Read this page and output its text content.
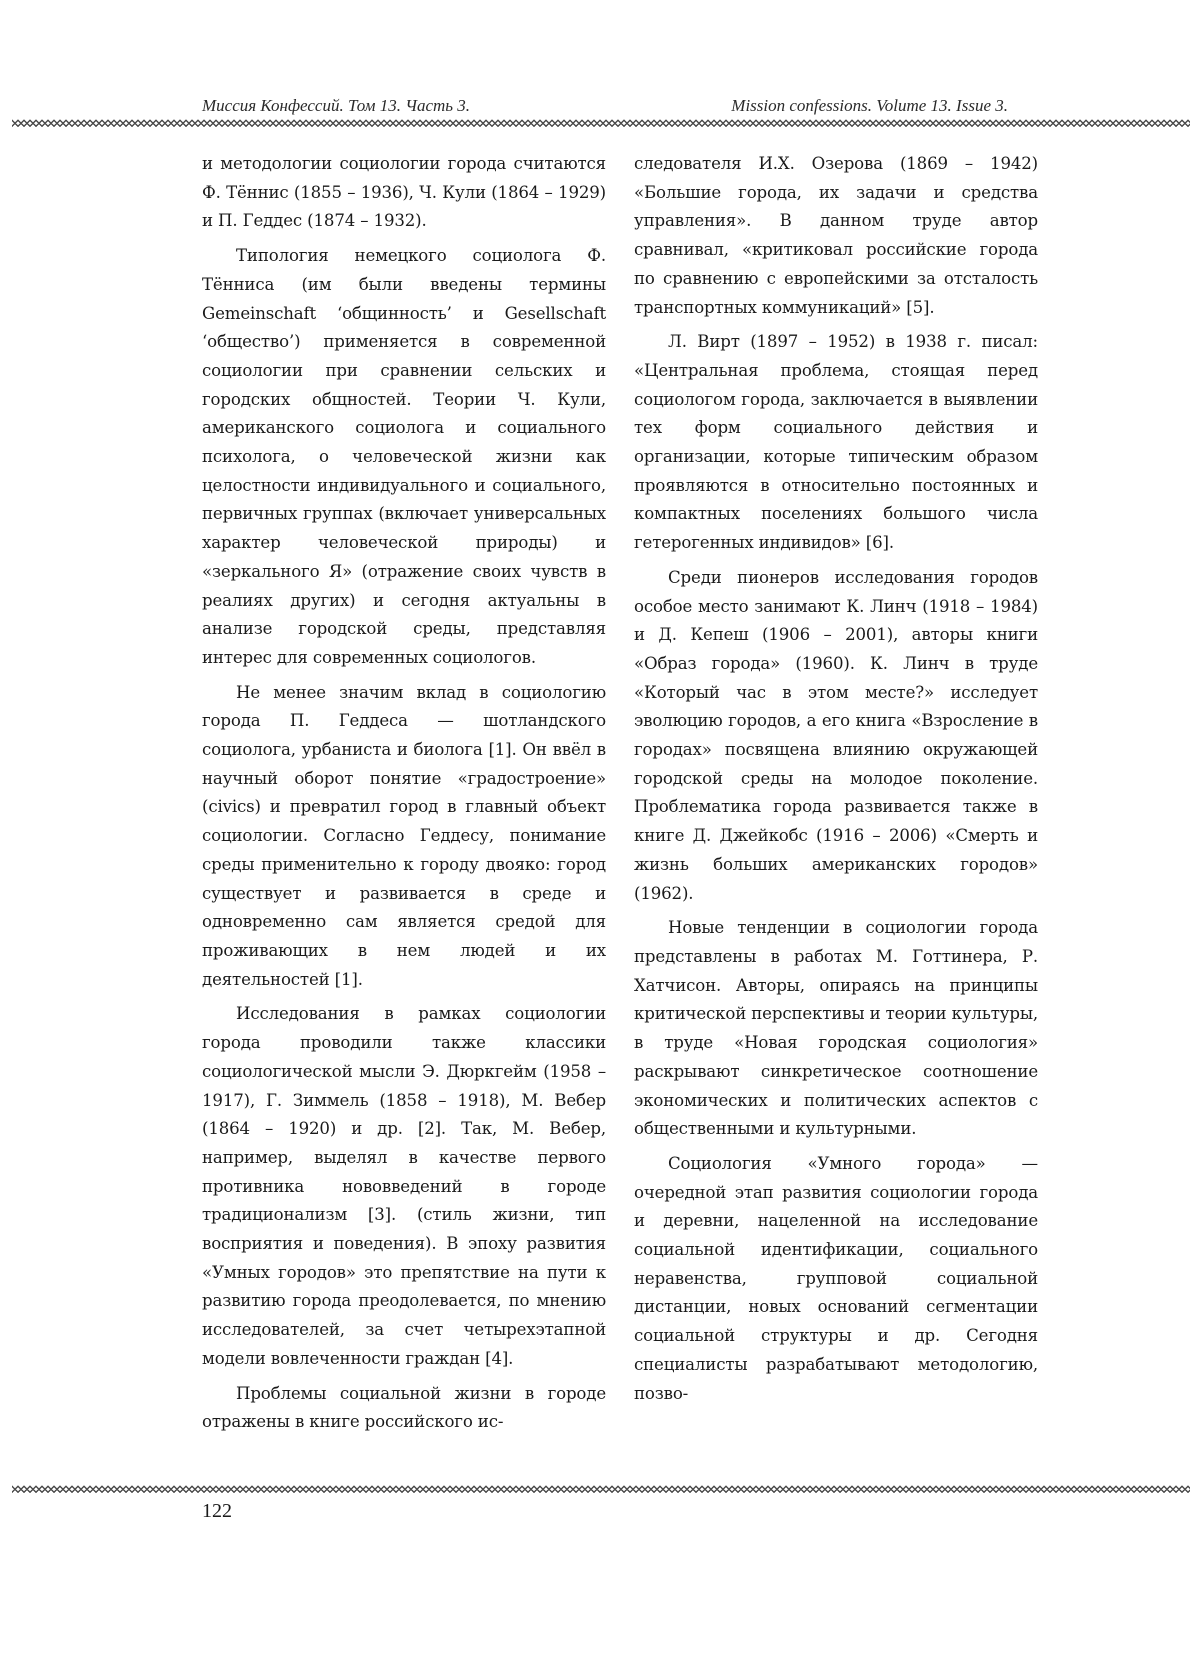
Миссия Конфессий. Том 13. Часть 3.	Mission confessions. Volume 13. Issue 3.

и методологии социологии города считаются Ф. Тённис (1855 – 1936), Ч. Кули (1864 – 1929) и П. Геддес (1874 – 1932).

Типология немецкого социолога Ф. Тённиса (им были введены термины Gemeinschaft ‘общинность’ и Gesellschaft ‘общество’) применяется в современной социологии при сравнении сельских и городских общностей. Теории Ч. Кули, американского социолога и социального психолога, о человеческой жизни как целостности индивидуального и социального, первичных группах (включает универсальных характер человеческой природы) и «зеркального Я» (отражение своих чувств в реалиях других) и сегодня актуальны в анализе городской среды, представляя интерес для современных социологов.

Не менее значим вклад в социологию города П. Геддеса — шотландского социолога, урбаниста и биолога [1]. Он ввёл в научный оборот понятие «градостроение» (civics) и превратил город в главный объект социологии. Согласно Геддесу, понимание среды применительно к городу двояко: город существует и развивается в среде и одновременно сам является средой для проживающих в нем людей и их деятельностей [1].

Исследования в рамках социологии города проводили также классики социологической мысли Э. Дюркгейм (1958 – 1917), Г. Зиммель (1858 – 1918), М. Вебер (1864 – 1920) и др. [2]. Так, М. Вебер, например, выделял в качестве первого противника нововведений в городе традиционализм [3]. (стиль жизни, тип восприятия и поведения). В эпоху развития «Умных городов» это препятствие на пути к развитию города преодолевается, по мнению исследователей, за счет четырехэтапной модели вовлеченности граждан [4].

Проблемы социальной жизни в городе отражены в книге российского ис-

следователя И.Х. Озерова (1869 – 1942) «Большие города, их задачи и средства управления». В данном труде автор сравнивал, «критиковал российские города по сравнению с европейскими за отсталость транспортных коммуникаций» [5].

Л. Вирт (1897 – 1952) в 1938 г. писал: «Центральная проблема, стоящая перед социологом города, заключается в выявлении тех форм социального действия и организации, которые типическим образом проявляются в относительно постоянных и компактных поселениях большого числа гетерогенных индивидов» [6].

Среди пионеров исследования городов особое место занимают К. Линч (1918 – 1984) и Д. Кепеш (1906 – 2001), авторы книги «Образ города» (1960). К. Линч в труде «Который час в этом месте?» исследует эволюцию городов, а его книга «Взросление в городах» посвящена влиянию окружающей городской среды на молодое поколение. Проблематика города развивается также в книге Д. Джейкобс (1916 – 2006) «Смерть и жизнь больших американских городов» (1962).

Новые тенденции в социологии города представлены в работах М. Готтинера, Р. Хатчисон. Авторы, опираясь на принципы критической перспективы и теории культуры, в труде «Новая городская социология» раскрывают синкретическое соотношение экономических и политических аспектов с общественными и культурными.

Социология «Умного города» — очередной этап развития социологии города и деревни, нацеленной на исследование социальной идентификации, социального неравенства, групповой социальной дистанции, новых оснований сегментации социальной структуры и др. Сегодня специалисты разрабатывают методологию, позво-

122
